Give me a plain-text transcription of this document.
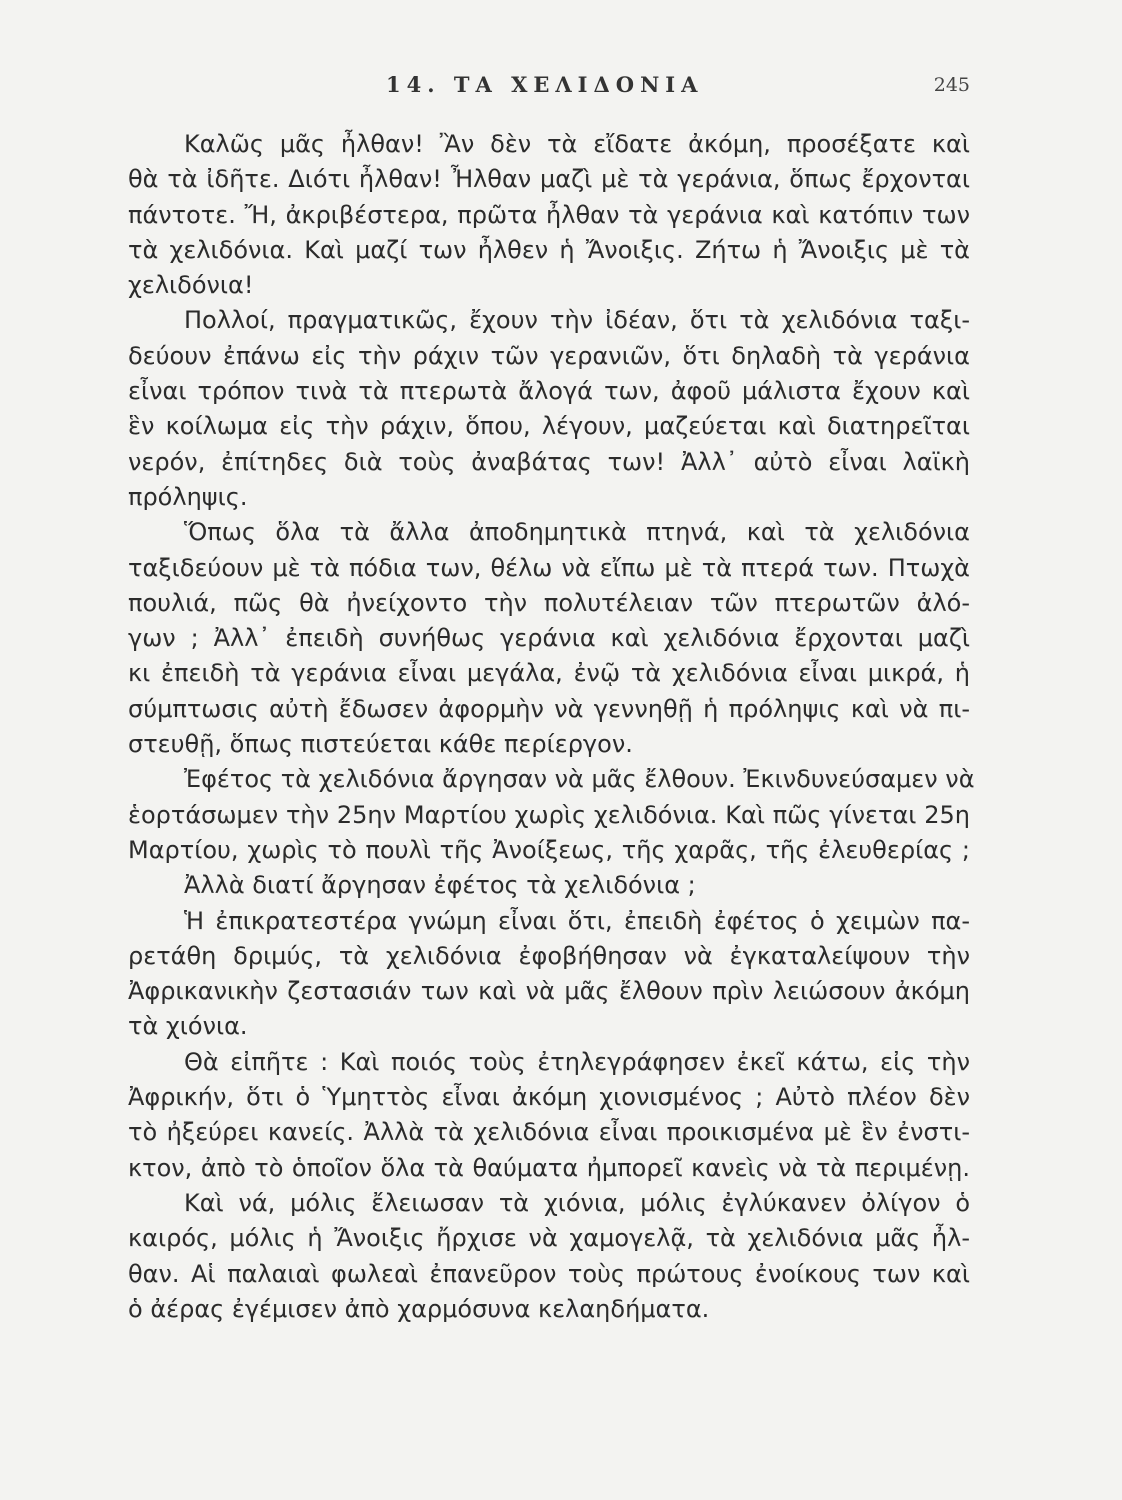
14. ΤΑ ΧΕΛΙΔΟΝΙΑ	245
Καλῶς μᾶς ἦλθαν! Ἂν δὲν τὰ εἴδατε ἀκόμη, προσέξατε καὶ
θὰ τὰ ἰδῆτε. Διότι ἦλθαν! Ἦλθαν μαζὶ μὲ τὰ γεράνια, ὅπως ἔρχονται
πάντοτε. Ἤ, ἀκριβέστερα, πρῶτα ἦλθαν τὰ γεράνια καὶ κατόπιν των
τὰ χελιδόνια. Καὶ μαζί των ἦλθεν ἡ Ἄνοιξις. Ζήτω ἡ Ἄνοιξις μὲ τὰ
χελιδόνια!
Πολλοί, πραγματικῶς, ἔχουν τὴν ἰδέαν, ὅτι τὰ χελιδόνια ταξι-
δεύουν ἐπάνω εἰς τὴν ράχιν τῶν γερανιῶν, ὅτι δηλαδὴ τὰ γεράνια
εἶναι τρόπον τινὰ τὰ πτερωτὰ ἄλογά των, ἀφοῦ μάλιστα ἔχουν καὶ
ἓν κοίλωμα εἰς τὴν ράχιν, ὅπου, λέγουν, μαζεύεται καὶ διατηρεῖται
νερόν, ἐπίτηδες διὰ τοὺς ἀναβάτας των! Ἀλλ᾽ αὐτὸ εἶναι λαϊκὴ
πρόληψις.
Ὅπως ὅλα τὰ ἄλλα ἀποδημητικὰ πτηνά, καὶ τὰ χελιδόνια
ταξιδεύουν μὲ τὰ πόδια των, θέλω νὰ εἴπω μὲ τὰ πτερά των. Πτωχὰ
πουλιά, πῶς θὰ ἠνείχοντο τὴν πολυτέλειαν τῶν πτερωτῶν ἀλό-
γων ; Ἀλλ᾽ ἐπειδὴ συνήθως γεράνια καὶ χελιδόνια ἔρχονται μαζὶ
κι ἐπειδὴ τὰ γεράνια εἶναι μεγάλα, ἐνῷ τὰ χελιδόνια εἶναι μικρά, ἡ
σύμπτωσις αὐτὴ ἔδωσεν ἀφορμὴν νὰ γεννηθῇ ἡ πρόληψις καὶ νὰ πι-
στευθῇ, ὅπως πιστεύεται κάθε περίεργον.
Ἐφέτος τὰ χελιδόνια ἄργησαν νὰ μᾶς ἔλθουν. Ἐκινδυνεύσαμεν νὰ
ἑορτάσωμεν τὴν 25ην Μαρτίου χωρὶς χελιδόνια. Καὶ πῶς γίνεται 25η
Μαρτίου, χωρὶς τὸ πουλὶ τῆς Ἀνοίξεως, τῆς χαρᾶς, τῆς ἐλευθερίας ;
Ἀλλὰ διατί ἄργησαν ἐφέτος τὰ χελιδόνια ;
Ἡ ἐπικρατεστέρα γνώμη εἶναι ὅτι, ἐπειδὴ ἐφέτος ὁ χειμὼν πα-
ρετάθη δριμύς, τὰ χελιδόνια ἐφοβήθησαν νὰ ἐγκαταλείψουν τὴν
Ἀφρικανικὴν ζεστασιάν των καὶ νὰ μᾶς ἔλθουν πρὶν λειώσουν ἀκόμη
τὰ χιόνια.
Θὰ εἰπῆτε : Καὶ ποιός τοὺς ἐτηλεγράφησεν ἐκεῖ κάτω, εἰς τὴν
Ἀφρικήν, ὅτι ὁ Ὑμηττὸς εἶναι ἀκόμη χιονισμένος ; Αὐτὸ πλέον δὲν
τὸ ἠξεύρει κανείς. Ἀλλὰ τὰ χελιδόνια εἶναι προικισμένα μὲ ἓν ἐνστι-
κτον, ἀπὸ τὸ ὁποῖον ὅλα τὰ θαύματα ἠμπορεῖ κανεὶς νὰ τὰ περιμένῃ.
Καὶ νά, μόλις ἔλειωσαν τὰ χιόνια, μόλις ἐγλύκανεν ὀλίγον ὁ
καιρός, μόλις ἡ Ἄνοιξις ἤρχισε νὰ χαμογελᾷ, τὰ χελιδόνια μᾶς ἦλ-
θαν. Αἱ παλαιαὶ φωλεαὶ ἐπανεῦρον τοὺς πρώτους ἐνοίκους των καὶ
ὁ ἀέρας ἐγέμισεν ἀπὸ χαρμόσυνα κελαηδήματα.
